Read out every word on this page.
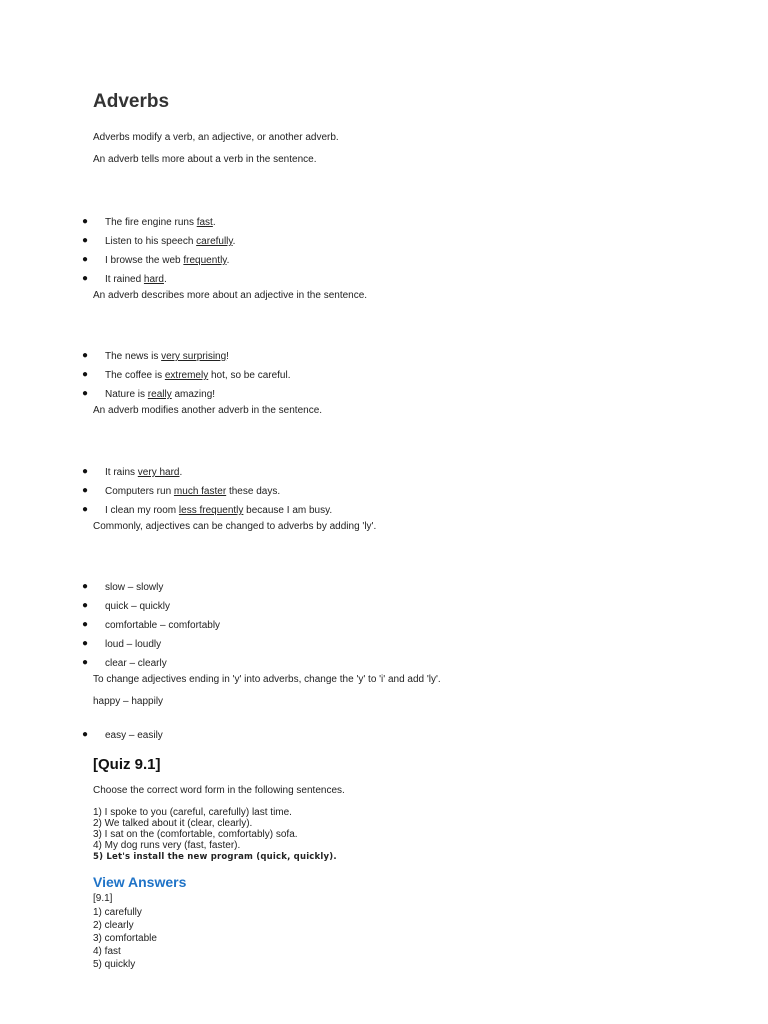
Adverbs
Adverbs modify a verb, an adjective, or another adverb.
An adverb tells more about a verb in the sentence.
● The fire engine runs fast.
● Listen to his speech carefully.
● I browse the web frequently.
● It rained hard.
An adverb describes more about an adjective in the sentence.
● The news is very surprising!
● The coffee is extremely hot, so be careful.
● Nature is really amazing!
An adverb modifies another adverb in the sentence.
● It rains very hard.
● Computers run much faster these days.
● I clean my room less frequently because I am busy.
Commonly, adjectives can be changed to adverbs by adding 'ly'.
● slow – slowly
● quick – quickly
● comfortable – comfortably
● loud – loudly
● clear – clearly
To change adjectives ending in 'y' into adverbs, change the 'y' to 'i' and add 'ly'.
happy – happily
● easy – easily
[Quiz 9.1]
Choose the correct word form in the following sentences.
1) I spoke to you (careful, carefully) last time.
2) We talked about it (clear, clearly).
3) I sat on the (comfortable, comfortably) sofa.
4) My dog runs very (fast, faster).
5) Let's install the new program (quick, quickly).
View Answers
[9.1]
1) carefully
2) clearly
3) comfortable
4) fast
5) quickly
